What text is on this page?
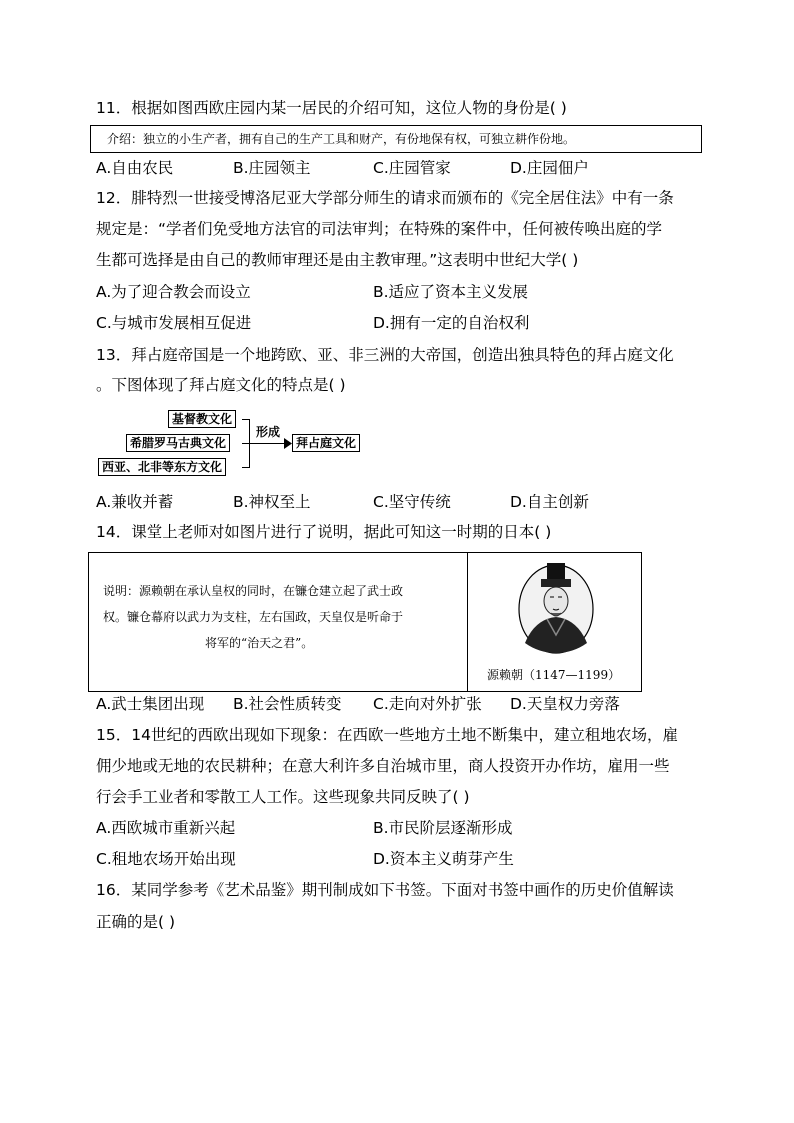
11．根据如图西欧庄园内某一居民的介绍可知，这位人物的身份是( )
介绍：独立的小生产者，拥有自己的生产工具和财产，有份地保有权，可独立耕作份地。
A.自由农民	B.庄园领主	C.庄园管家	D.庄园佃户
12．腓特烈一世接受博洛尼亚大学部分师生的请求而颁布的《完全居住法》中有一条
规定是：“学者们免受地方法官的司法审判；在特殊的案件中，任何被传唤出庭的学
生都可选择是由自己的教师审理还是由主教审理。”这表明中世纪大学( )
A.为了迎合教会而设立	B.适应了资本主义发展
C.与城市发展相互促进	D.拥有一定的自治权利
13．拜占庭帝国是一个地跨欧、亚、非三洲的大帝国，创造出独具特色的拜占庭文化
。下图体现了拜占庭文化的特点是( )
基督教文化
希腊罗马古典文化
西亚、北非等东方文化
形成
拜占庭文化
A.兼收并蓄	B.神权至上	C.坚守传统	D.自主创新
14．课堂上老师对如图片进行了说明，据此可知这一时期的日本( )
说明：源赖朝在承认皇权的同时，在镰仓建立起了武士政
权。镰仓幕府以武力为支柱，左右国政，天皇仅是听命于
将军的“治天之君”。
源赖朝（1147—1199）
A.武士集团出现 B.社会性质转变 C.走向对外扩张 D.天皇权力旁落
15．14世纪的西欧出现如下现象：在西欧一些地方土地不断集中，建立租地农场，雇
佣少地或无地的农民耕种；在意大利许多自治城市里，商人投资开办作坊，雇用一些
行会手工业者和零散工人工作。这些现象共同反映了( )
A.西欧城市重新兴起	B.市民阶层逐渐形成
C.租地农场开始出现	D.资本主义萌芽产生
16．某同学参考《艺术品鉴》期刊制成如下书签。下面对书签中画作的历史价值解读
正确的是( )
